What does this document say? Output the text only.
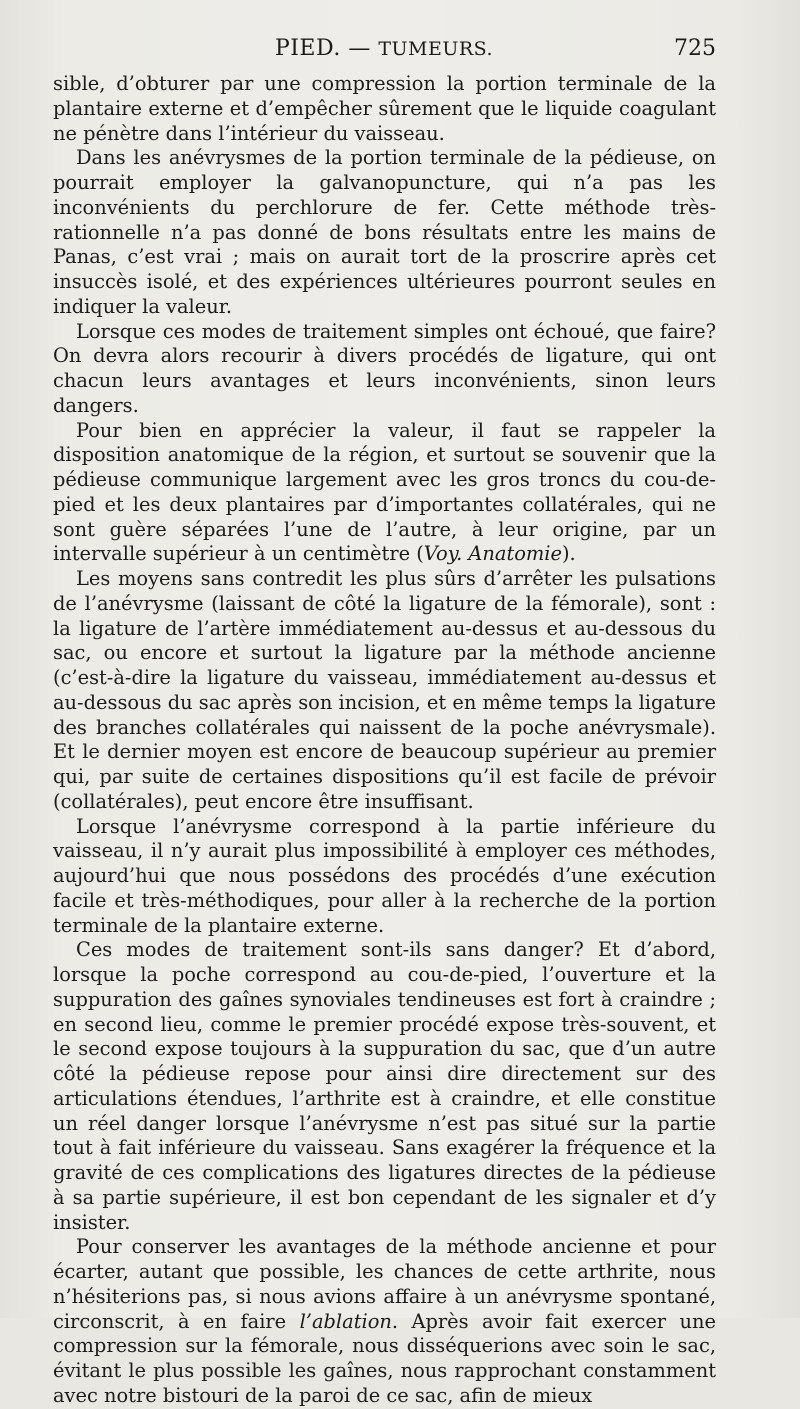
PIED. — TUMEURS.	725

sible, d’obturer par une compression la portion terminale de la plantaire externe et d’empêcher sûrement que le liquide coagulant ne pénètre dans l’intérieur du vaisseau.

Dans les anévrysmes de la portion terminale de la pédieuse, on pourrait employer la galvanopuncture, qui n’a pas les inconvénients du perchlorure de fer. Cette méthode très-rationnelle n’a pas donné de bons résultats entre les mains de Panas, c’est vrai ; mais on aurait tort de la proscrire après cet insuccès isolé, et des expériences ultérieures pourront seules en indiquer la valeur.

Lorsque ces modes de traitement simples ont échoué, que faire? On devra alors recourir à divers procédés de ligature, qui ont chacun leurs avantages et leurs inconvénients, sinon leurs dangers.

Pour bien en apprécier la valeur, il faut se rappeler la disposition anatomique de la région, et surtout se souvenir que la pédieuse communique largement avec les gros troncs du cou-de-pied et les deux plantaires par d’importantes collatérales, qui ne sont guère séparées l’une de l’autre, à leur origine, par un intervalle supérieur à un centimètre (Voy. Anatomie).

Les moyens sans contredit les plus sûrs d’arrêter les pulsations de l’anévrysme (laissant de côté la ligature de la fémorale), sont : la ligature de l’artère immédiatement au-dessus et au-dessous du sac, ou encore et surtout la ligature par la méthode ancienne (c’est-à-dire la ligature du vaisseau, immédiatement au-dessus et au-dessous du sac après son incision, et en même temps la ligature des branches collatérales qui naissent de la poche anévrysmale). Et le dernier moyen est encore de beaucoup supérieur au premier qui, par suite de certaines dispositions qu’il est facile de prévoir (collatérales), peut encore être insuffisant.

Lorsque l’anévrysme correspond à la partie inférieure du vaisseau, il n’y aurait plus impossibilité à employer ces méthodes, aujourd’hui que nous possédons des procédés d’une exécution facile et très-méthodiques, pour aller à la recherche de la portion terminale de la plantaire externe.

Ces modes de traitement sont-ils sans danger? Et d’abord, lorsque la poche correspond au cou-de-pied, l’ouverture et la suppuration des gaînes synoviales tendineuses est fort à craindre ; en second lieu, comme le premier procédé expose très-souvent, et le second expose toujours à la suppuration du sac, que d’un autre côté la pédieuse repose pour ainsi dire directement sur des articulations étendues, l’arthrite est à craindre, et elle constitue un réel danger lorsque l’anévrysme n’est pas situé sur la partie tout à fait inférieure du vaisseau. Sans exagérer la fréquence et la gravité de ces complications des ligatures directes de la pédieuse à sa partie supérieure, il est bon cependant de les signaler et d’y insister.

Pour conserver les avantages de la méthode ancienne et pour écarter, autant que possible, les chances de cette arthrite, nous n’hésiterions pas, si nous avions affaire à un anévrysme spontané, circonscrit, à en faire l’ablation. Après avoir fait exercer une compression sur la fémorale, nous disséquerions avec soin le sac, évitant le plus possible les gaînes, nous rapprochant constamment avec notre bistouri de la paroi de ce sac, afin de mieux
